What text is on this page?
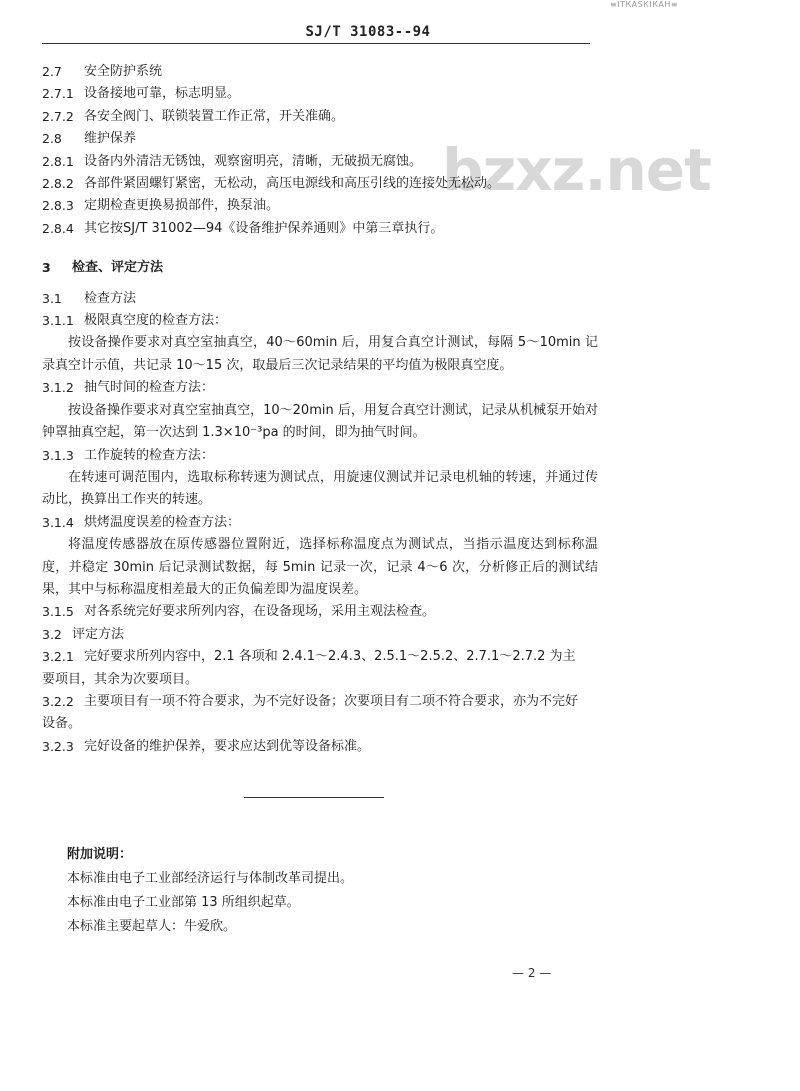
≡ІТКАЅКІКАН≡
SJ/T 31083--94
bzxz.net
2.7	安全防护系统
2.7.1 设备接地可靠，标志明显。
2.7.2 各安全阀门、联锁装置工作正常，开关准确。
2.8	维护保养
2.8.1 设备内外清洁无锈蚀，观察窗明亮，清晰，无破损无腐蚀。
2.8.2 各部件紧固螺钉紧密，无松动，高压电源线和高压引线的连接处无松动。
2.8.3 定期检查更换易损部件，换泵油。
2.8.4 其它按SJ/T 31002—94《设备维护保养通则》中第三章执行。
3	检查、评定方法
3.1	检查方法
3.1.1 极限真空度的检查方法：
按设备操作要求对真空室抽真空，40～60min 后，用复合真空计测试，每隔 5～10min 记录真空计示值，共记录 10～15 次，取最后三次记录结果的平均值为极限真空度。
3.1.2 抽气时间的检查方法：
按设备操作要求对真空室抽真空，10～20min 后，用复合真空计测试，记录从机械泵开始对钟罩抽真空起，第一次达到 1.3×10⁻³pa 的时间，即为抽气时间。
3.1.3 工作旋转的检查方法：
在转速可调范围内，选取标称转速为测试点，用旋速仪测试并记录电机轴的转速，并通过传动比，换算出工作夹的转速。
3.1.4 烘烤温度误差的检查方法：
将温度传感器放在原传感器位置附近，选择标称温度点为测试点，当指示温度达到标称温度，并稳定 30min 后记录测试数据，每 5min 记录一次，记录 4～6 次，分析修正后的测试结果，其中与标称温度相差最大的正负偏差即为温度误差。
3.1.5 对各系统完好要求所列内容，在设备现场，采用主观法检查。
3.2 评定方法
3.2.1 完好要求所列内容中，2.1 各项和 2.4.1～2.4.3、2.5.1～2.5.2、2.7.1～2.7.2 为主
要项目，其余为次要项目。
3.2.2 主要项目有一项不符合要求，为不完好设备；次要项目有二项不符合要求，亦为不完好
设备。
3.2.3 完好设备的维护保养，要求应达到优等设备标准。
附加说明：
本标准由电子工业部经济运行与体制改革司提出。
本标准由电子工业部第 13 所组织起草。
本标准主要起草人：牛爱欣。
— 2 —
